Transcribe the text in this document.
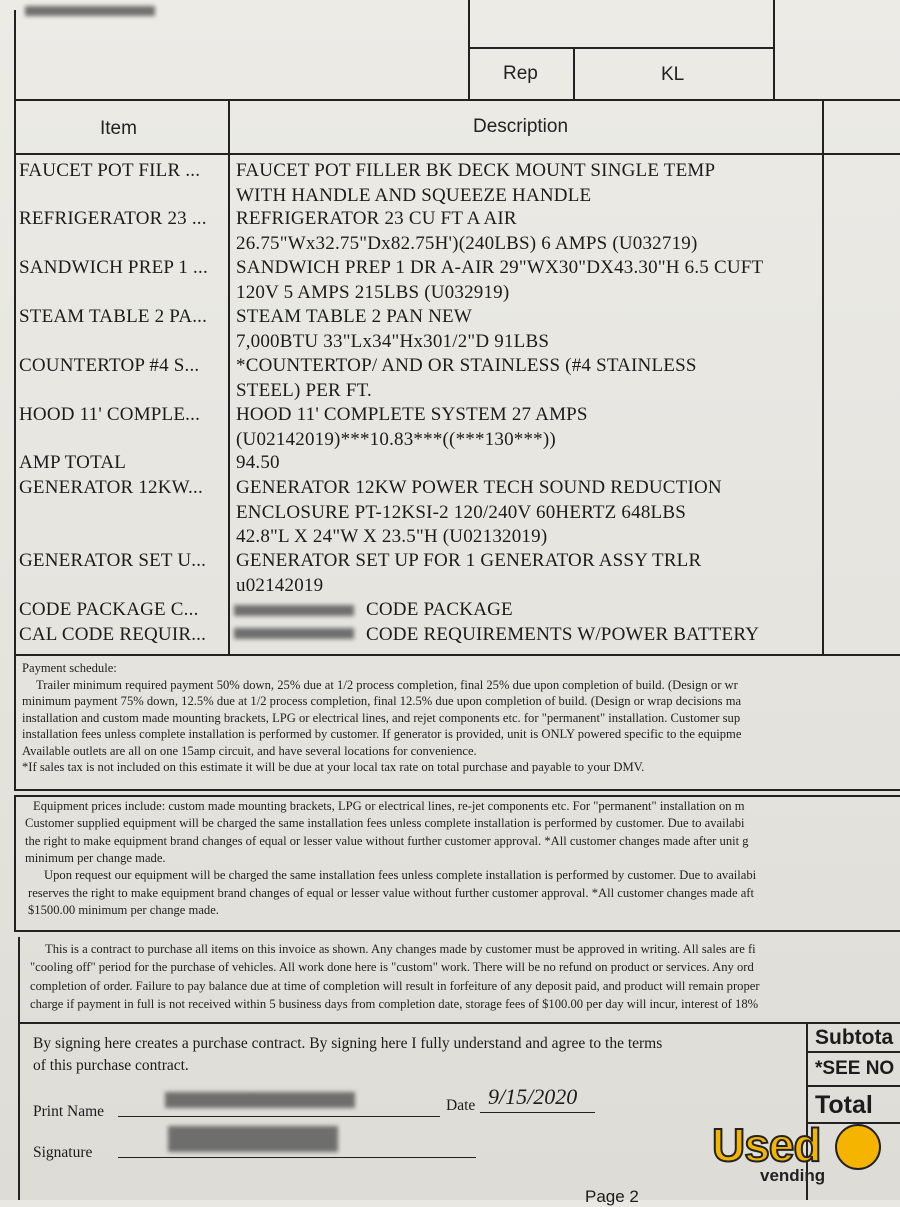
Rep	KL
Item	Description
FAUCET POT FILR ...	FAUCET POT FILLER BK DECK MOUNT SINGLE TEMP
WITH HANDLE AND SQUEEZE HANDLE
REFRIGERATOR 23 ...	REFRIGERATOR 23 CU FT A AIR
26.75"Wx32.75"Dx82.75H')(240LBS) 6 AMPS (U032719)
SANDWICH PREP 1 ...	SANDWICH PREP 1 DR A-AIR 29"WX30"DX43.30"H 6.5 CUFT
120V 5 AMPS 215LBS (U032919)
STEAM TABLE 2 PA...	STEAM TABLE 2 PAN NEW
7,000BTU 33"Lx34"Hx301/2"D 91LBS
COUNTERTOP #4 S...	*COUNTERTOP/ AND OR STAINLESS (#4 STAINLESS
STEEL) PER FT.
HOOD 11' COMPLE...	HOOD 11' COMPLETE SYSTEM 27 AMPS
(U02142019)***10.83***((***130***))
AMP TOTAL	94.50
GENERATOR 12KW...	GENERATOR 12KW POWER TECH SOUND REDUCTION
ENCLOSURE PT-12KSI-2 120/240V 60HERTZ 648LBS
42.8"L X 24"W X 23.5"H (U02132019)
GENERATOR SET U...	GENERATOR SET UP FOR 1 GENERATOR ASSY TRLR
u02142019
CODE PACKAGE C...	CODE PACKAGE
CAL CODE REQUIR...	CODE REQUIREMENTS W/POWER BATTERY
Payment schedule:
Trailer minimum required payment 50% down, 25% due at 1/2 process completion, final 25% due upon completion of build. (Design or wr
minimum payment 75% down, 12.5% due at 1/2 process completion, final 12.5% due upon completion of build. (Design or wrap decisions ma
installation and custom made mounting brackets, LPG or electrical lines, and rejet components etc. for "permanent" installation. Customer sup
installation fees unless complete installation is performed by customer. If generator is provided, unit is ONLY powered specific to the equipme
Available outlets are all on one 15amp circuit, and have several locations for convenience.
*If sales tax is not included on this estimate it will be due at your local tax rate on total purchase and payable to your DMV.
Equipment prices include: custom made mounting brackets, LPG or electrical lines, re-jet components etc. For "permanent" installation on m
Customer supplied equipment will be charged the same installation fees unless complete installation is performed by customer. Due to availabi
the right to make equipment brand changes of equal or lesser value without further customer approval. *All customer changes made after unit g
minimum per change made.
Upon request our equipment will be charged the same installation fees unless complete installation is performed by customer. Due to availabi
reserves the right to make equipment brand changes of equal or lesser value without further customer approval. *All customer changes made aft
$1500.00 minimum per change made.
This is a contract to purchase all items on this invoice as shown. Any changes made by customer must be approved in writing. All sales are fi
"cooling off" period for the purchase of vehicles. All work done here is "custom" work. There will be no refund on product or services. Any ord
completion of order. Failure to pay balance due at time of completion will result in forfeiture of any deposit paid, and product will remain proper
charge if payment in full is not received within 5 business days from completion date, storage fees of $100.00 per day will incur, interest of 18%
By signing here creates a purchase contract. By signing here I fully understand and agree to the terms
of this purchase contract.
Print Name	Date 9/15/2020
Signature
Subtota
*SEE NO
Total
Page 2
Used
vending
